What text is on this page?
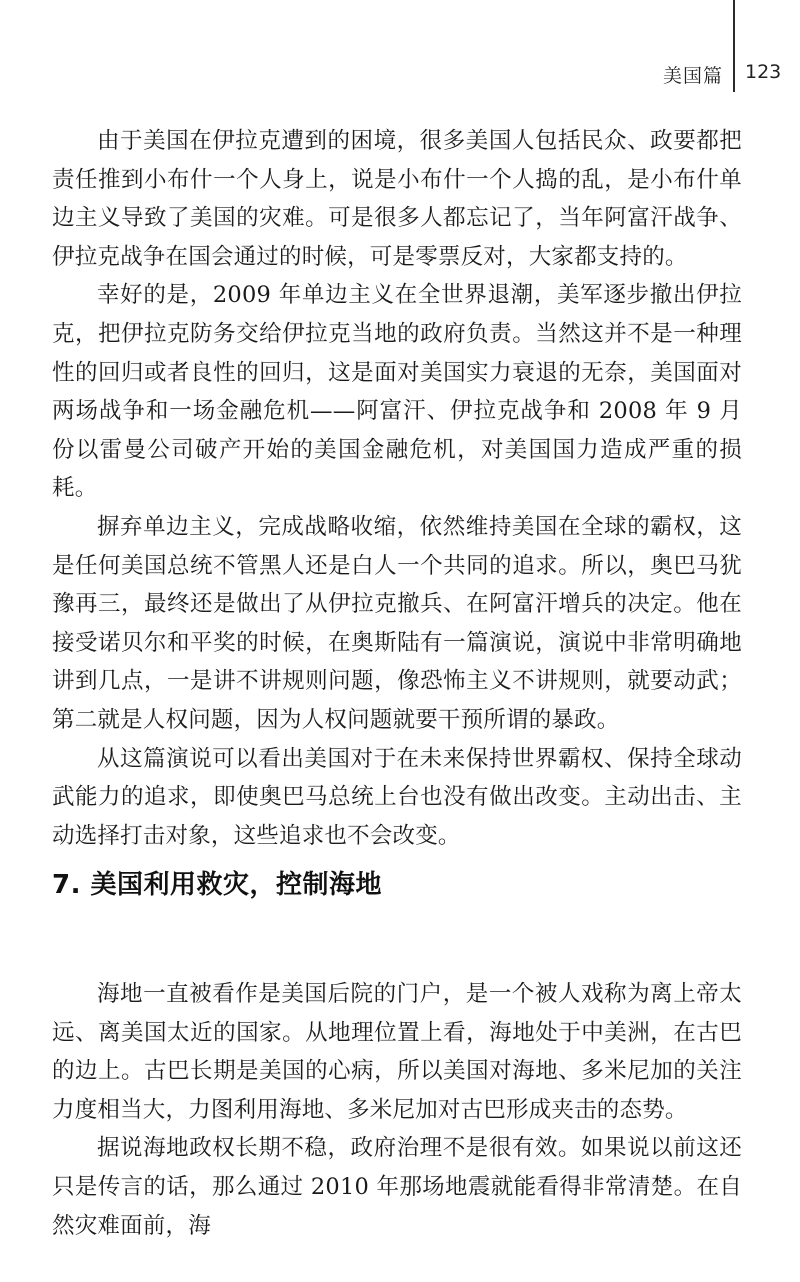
美国篇 123

由于美国在伊拉克遭到的困境，很多美国人包括民众、政要都把责任推到小布什一个人身上，说是小布什一个人捣的乱，是小布什单边主义导致了美国的灾难。可是很多人都忘记了，当年阿富汗战争、伊拉克战争在国会通过的时候，可是零票反对，大家都支持的。

幸好的是，2009 年单边主义在全世界退潮，美军逐步撤出伊拉克，把伊拉克防务交给伊拉克当地的政府负责。当然这并不是一种理性的回归或者良性的回归，这是面对美国实力衰退的无奈，美国面对两场战争和一场金融危机——阿富汗、伊拉克战争和 2008 年 9 月份以雷曼公司破产开始的美国金融危机，对美国国力造成严重的损耗。

摒弃单边主义，完成战略收缩，依然维持美国在全球的霸权，这是任何美国总统不管黑人还是白人一个共同的追求。所以，奥巴马犹豫再三，最终还是做出了从伊拉克撤兵、在阿富汗增兵的决定。他在接受诺贝尔和平奖的时候，在奥斯陆有一篇演说，演说中非常明确地讲到几点，一是讲不讲规则问题，像恐怖主义不讲规则，就要动武；第二就是人权问题，因为人权问题就要干预所谓的暴政。

从这篇演说可以看出美国对于在未来保持世界霸权、保持全球动武能力的追求，即使奥巴马总统上台也没有做出改变。主动出击、主动选择打击对象，这些追求也不会改变。

7. 美国利用救灾，控制海地

海地一直被看作是美国后院的门户，是一个被人戏称为离上帝太远、离美国太近的国家。从地理位置上看，海地处于中美洲，在古巴的边上。古巴长期是美国的心病，所以美国对海地、多米尼加的关注力度相当大，力图利用海地、多米尼加对古巴形成夹击的态势。

据说海地政权长期不稳，政府治理不是很有效。如果说以前这还只是传言的话，那么通过 2010 年那场地震就能看得非常清楚。在自然灾难面前，海
